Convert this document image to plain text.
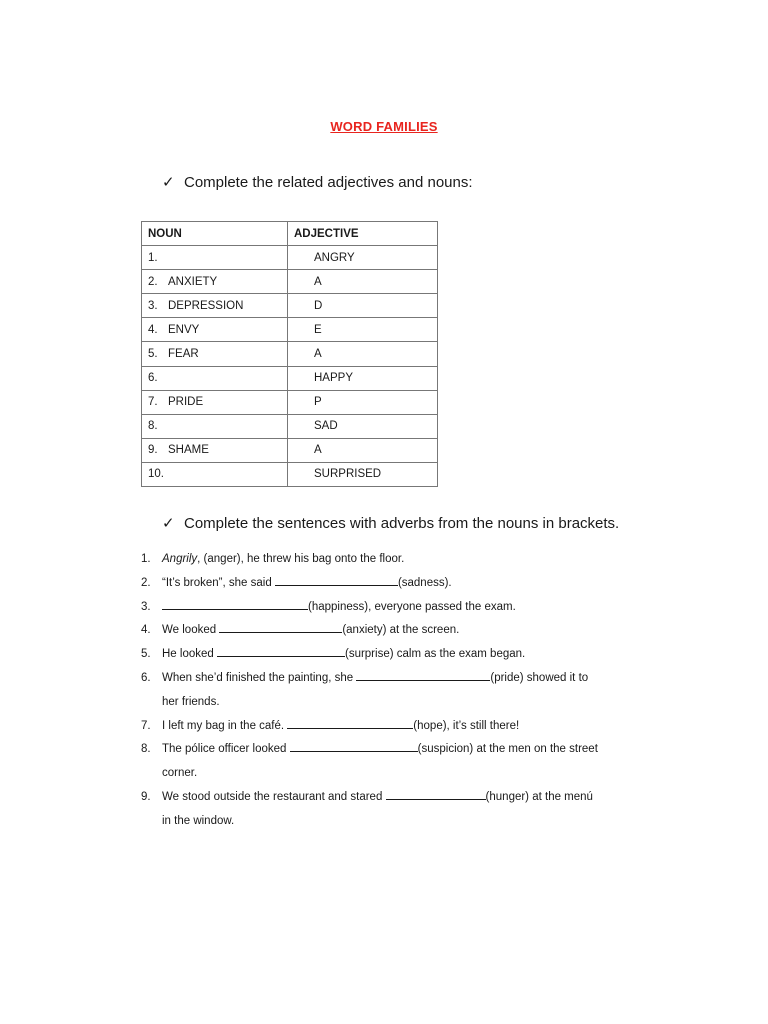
WORD FAMILIES
✓ Complete the related adjectives and nouns:
NOUN	ADJECTIVE
1.	ANGRY
2. ANXIETY	A
3. DEPRESSION	D
4. ENVY	E
5. FEAR	A
6.	HAPPY
7. PRIDE	P
8.	SAD
9. SHAME	A
10.	SURPRISED
✓ Complete the sentences with adverbs from the nouns in brackets.
1. Angrily, (anger), he threw his bag onto the floor.
2. “It’s broken”, she said	(sadness).
3.	(happiness), everyone passed the exam.
4. We looked	(anxiety) at the screen.
5. He looked	(surprise) calm as the exam began.
6. When she’d finished the painting, she	(pride) showed it to
her friends.
7. I left my bag in the café.	(hope), it’s still there!
8. The pólice officer looked	(suspicion) at the men on the street
corner.
9. We stood outside the restaurant and stared	(hunger) at the menú
in the window.
